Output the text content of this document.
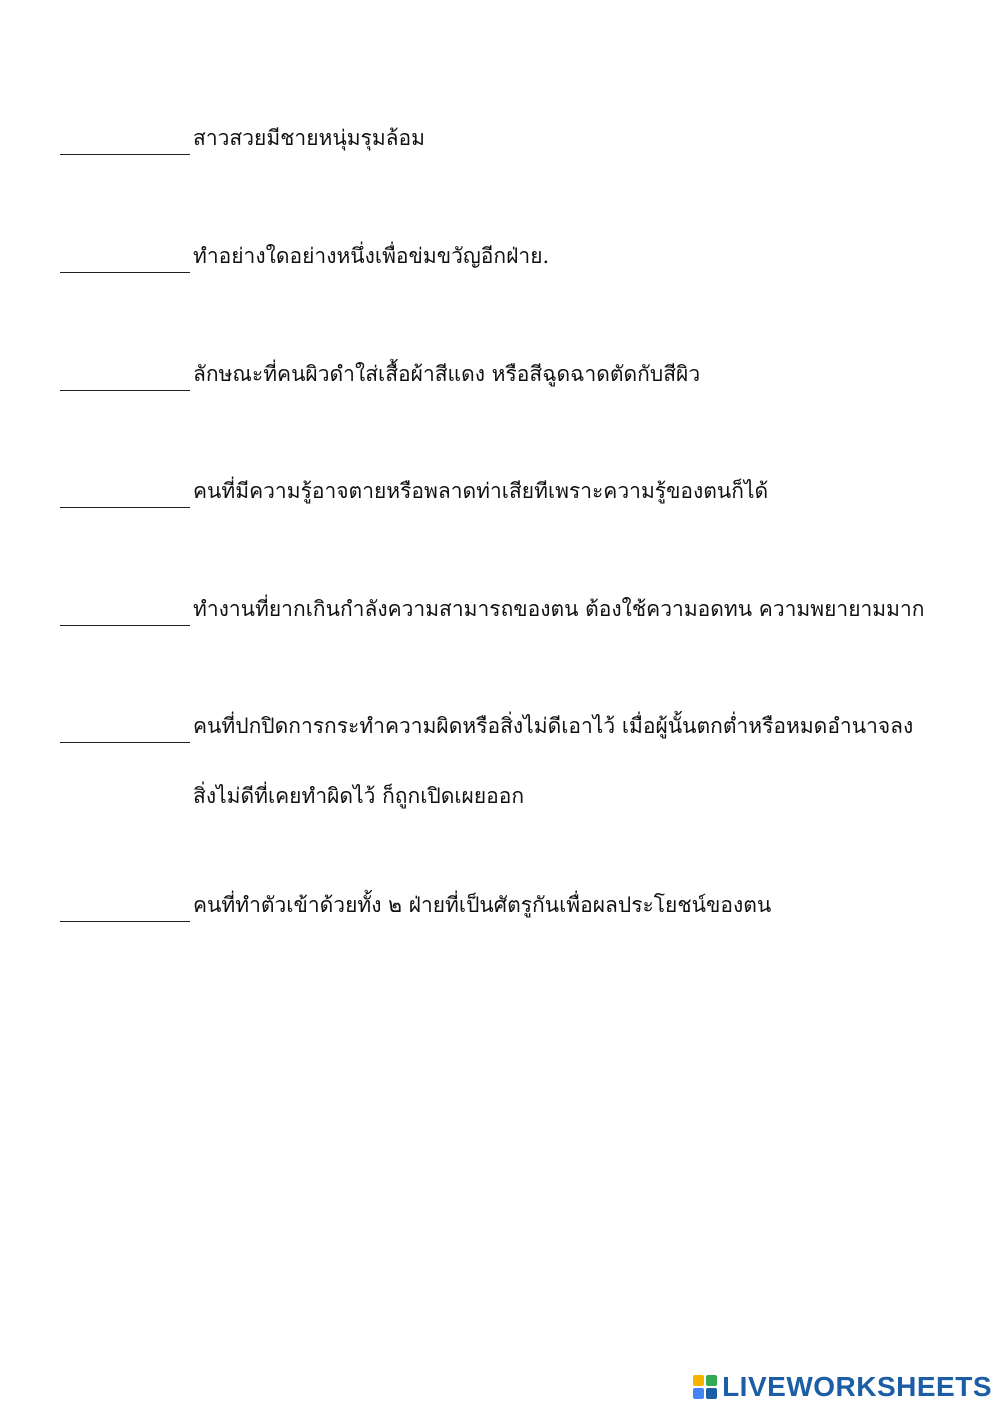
สาวสวยมีชายหนุ่มรุมล้อม
ทำอย่างใดอย่างหนึ่งเพื่อข่มขวัญอีกฝ่าย.
ลักษณะที่คนผิวดำใส่เสื้อผ้าสีแดง หรือสีฉูดฉาดตัดกับสีผิว
คนที่มีความรู้อาจตายหรือพลาดท่าเสียทีเพราะความรู้ของตนก็ได้
ทำงานที่ยากเกินกำลังความสามารถของตน ต้องใช้ความอดทน ความพยายามมาก
คนที่ปกปิดการกระทำความผิดหรือสิ่งไม่ดีเอาไว้ เมื่อผู้นั้นตกต่ำหรือหมดอำนาจลง
สิ่งไม่ดีที่เคยทำผิดไว้ ก็ถูกเปิดเผยออก
คนที่ทำตัวเข้าด้วยทั้ง ๒ ฝ่ายที่เป็นศัตรูกันเพื่อผลประโยชน์ของตน
LIVEWORKSHEETS
